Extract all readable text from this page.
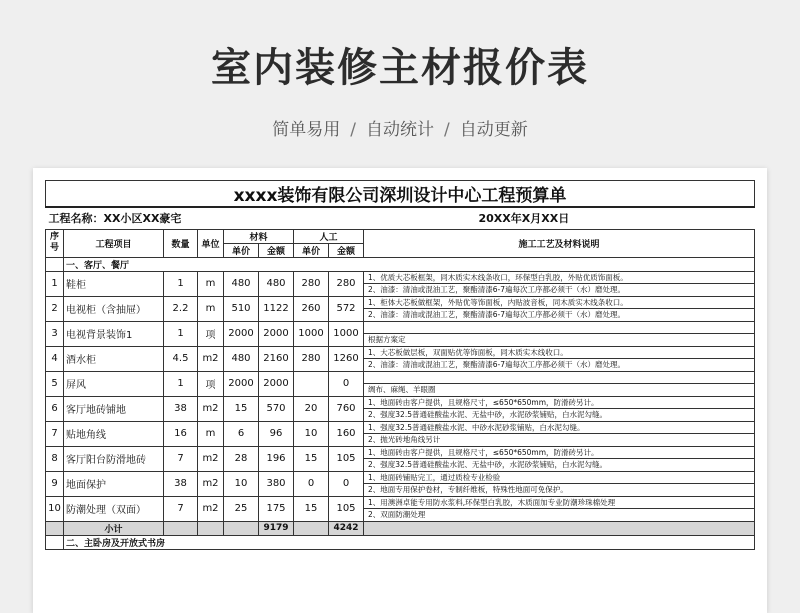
室内装修主材报价表
简单易用 / 自动统计 / 自动更新
xxxx装饰有限公司深圳设计中心工程预算单								
工程名称：XX小区XX豪宅					20XX年X月XX日			
序号	工程项目	数量	单位	材料		人工		施工工艺及材料说明
				单价	金额	单价	金额	
	一、客厅、餐厅							
1	鞋柜	1	m	480	480	280	280	1、优质大芯板框架，同木质实木线条收口，环保型白乳胶，外贴优质饰面板。
2、油漆：清油或混油工艺，聚酯清漆6-7遍每次工序都必须干（水）磨处理。

2	电视柜（含抽屉）	2.2	m	510	1122	260	572	1、柜体大芯板做框架，外贴优等饰面板，内贴波音板，同木质实木线条收口。
2、油漆：清油或混油工艺，聚酯清漆6-7遍每次工序都必须干（水）磨处理。

3	电视背景装饰1	1	项	2000	2000	1000	1000	根据方案定

4	酒水柜	4.5	m2	480	2160	280	1260	1、大芯板做层板，双面贴优等饰面板，同木质实木线收口。
2、油漆：清油或混油工艺，聚酯清漆6-7遍每次工序都必须干（水）磨处理。

5	屏风	1	项	2000	2000		0	绸布、麻绳、羊眼圈

6	客厅地砖铺地	38	m2	15	570	20	760	1、地面砖由客户提供，且规格尺寸，≤650*650mm，防滑砖另计。
2、强度32.5普通硅酸盐水泥、无盐中砂，水泥砂浆铺贴，白水泥勾缝。

7	贴地角线	16	m	6	96	10	160	1、强度32.5普通硅酸盐水泥、中砂水泥砂浆铺贴，白水泥勾缝。
2、抛光砖地角线另计

8	客厅阳台防滑地砖	7	m2	28	196	15	105	1、地面砖由客户提供，且规格尺寸，≤650*650mm，防滑砖另计。
2、强度32.5普通硅酸盐水泥、无盐中砂，水泥砂浆铺贴，白水泥勾缝。

9	地面保护	38	m2	10	380	0	0	1、地面砖铺贴完工，通过质检专业检验
2、地面专用保护卷材，专制纤维板，特殊性地面可免保护。

10	防潮处理（双面）	7	m2	25	175	15	105	1、用澳洲卓能专用防水浆料,环保型白乳胶，木质面加专业防潮珍珠棉处理
2、双面防潮处理

	小计				9179		4242	
	二、主卧房及开放式书房							
